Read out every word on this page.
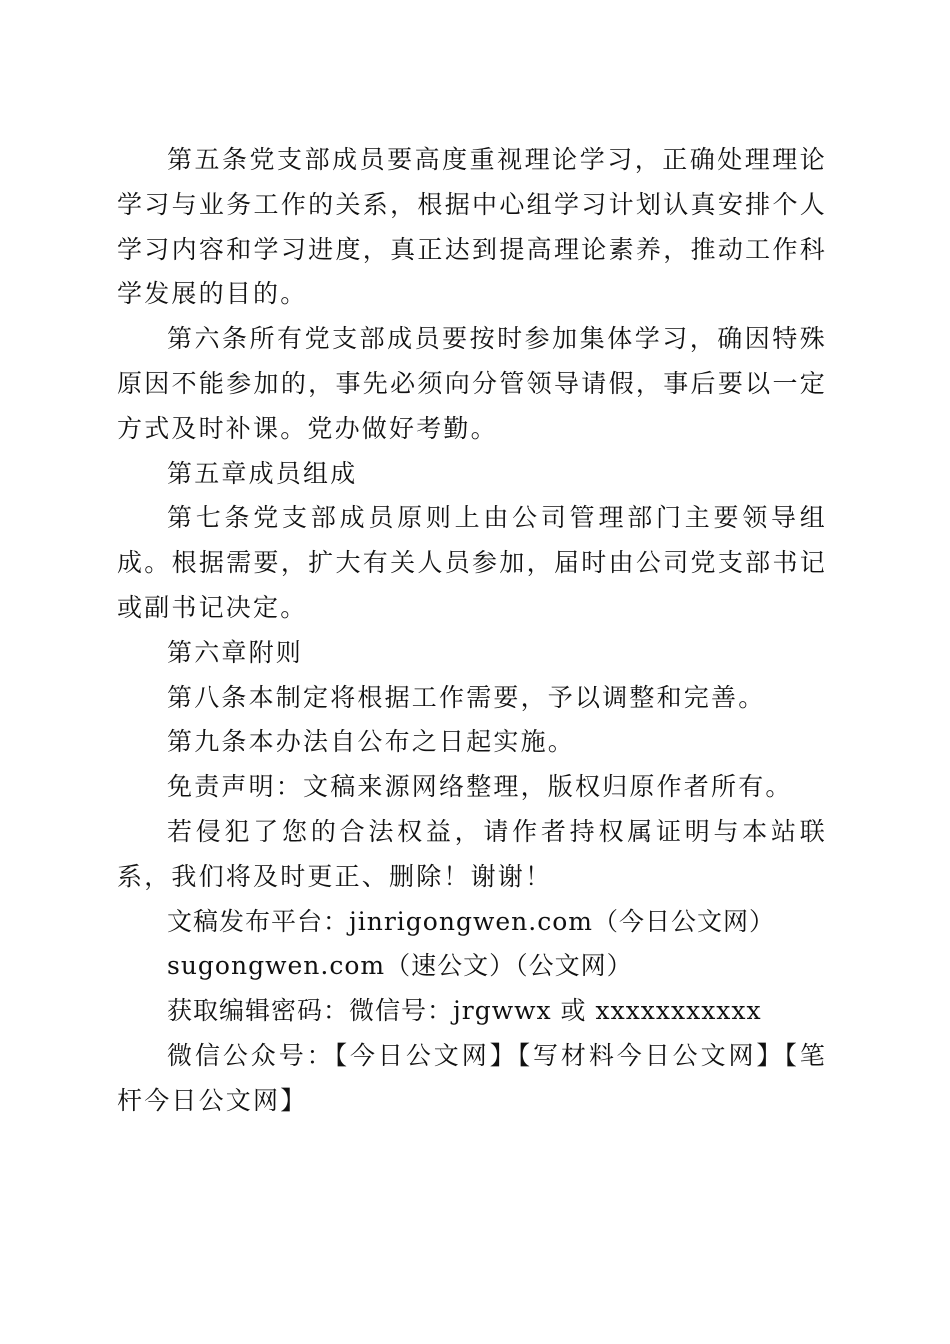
第五条党支部成员要高度重视理论学习，正确处理理论学习与业务工作的关系，根据中心组学习计划认真安排个人学习内容和学习进度，真正达到提高理论素养，推动工作科学发展的目的。

第六条所有党支部成员要按时参加集体学习，确因特殊原因不能参加的，事先必须向分管领导请假，事后要以一定方式及时补课。党办做好考勤。

第五章成员组成

第七条党支部成员原则上由公司管理部门主要领导组成。根据需要，扩大有关人员参加，届时由公司党支部书记或副书记决定。

第六章附则

第八条本制定将根据工作需要，予以调整和完善。

第九条本办法自公布之日起实施。

免责声明：文稿来源网络整理，版权归原作者所有。

若侵犯了您的合法权益，请作者持权属证明与本站联系，我们将及时更正、删除！谢谢！

文稿发布平台：jinrigongwen.com（今日公文网）

sugongwen.com（速公文）（公文网）

获取编辑密码：微信号：jrgwwx 或 xxxxxxxxxxx

微信公众号：【今日公文网】【写材料今日公文网】【笔杆今日公文网】
